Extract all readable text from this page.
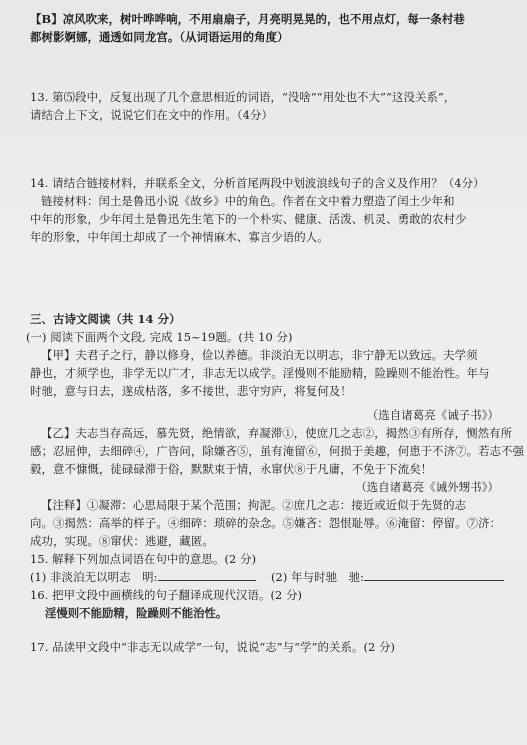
【B】凉风吹来，树叶哗哗响，不用扇扇子，月亮明晃晃的，也不用点灯，每一条村巷
都树影婀娜，通透如同龙宫。（从词语运用的角度）
13. 第⑸段中，反复出现了几个意思相近的词语，“没啥”“用处也不大”“这没关系”，
请结合上下文，说说它们在文中的作用。（4分）
14. 请结合链接材料，并联系全文，分析首尾两段中划波浪线句子的含义及作用？（4分）
链接材料：闰土是鲁迅小说《故乡》中的角色。作者在文中着力塑造了闰土少年和
中年的形象，少年闰土是鲁迅先生笔下的一个朴实、健康、活泼、机灵、勇敢的农村少
年的形象，中年闰土却成了一个神情麻木、寡言少语的人。
三、古诗文阅读（共 14 分）
(一) 阅读下面两个文段, 完成 15~19题。(共 10 分)
【甲】夫君子之行，静以修身，俭以养德。非淡泊无以明志，非宁静无以致远。夫学须
静也，才须学也，非学无以广才，非志无以成学。淫慢则不能励精，险躁则不能治性。年与
时驰，意与日去，遂成枯落，多不接世，悲守穷庐，将复何及！
（选自诸葛亮《诫子书》）
【乙】夫志当存高远，慕先贤，绝情欲，弃凝滞①，使庶几之志②，揭然③有所存，恻然有所
感；忍屈伸，去细碎④，广咨问，除嫌吝⑤，虽有淹留⑥，何损于美趣，何患于不济⑦。若志不强
毅，意不慷慨，徒碌碌滞于俗，默默束于情，永窜伏⑧于凡庸，不免于下流矣！
（选自诸葛亮《诫外甥书》）
【注释】①凝滞：心思局限于某个范围；拘泥。②庶几之志：接近或近似于先贤的志
向。③揭然：高举的样子。④细碎：琐碎的杂念。⑤嫌吝：怨恨耻辱。⑥淹留：停留。⑦济：
成功，实现。⑧窜伏：逃避，藏匿。
15. 解释下列加点词语在句中的意思。(2 分)
(1) 非淡泊无以明志　明:	(2) 年与时驰　驰:
16. 把甲文段中画横线的句子翻译成现代汉语。(2 分)
淫慢则不能励精，险躁则不能治性。
17. 品读甲文段中“非志无以成学”一句，说说“志”与“学”的关系。(2 分)
